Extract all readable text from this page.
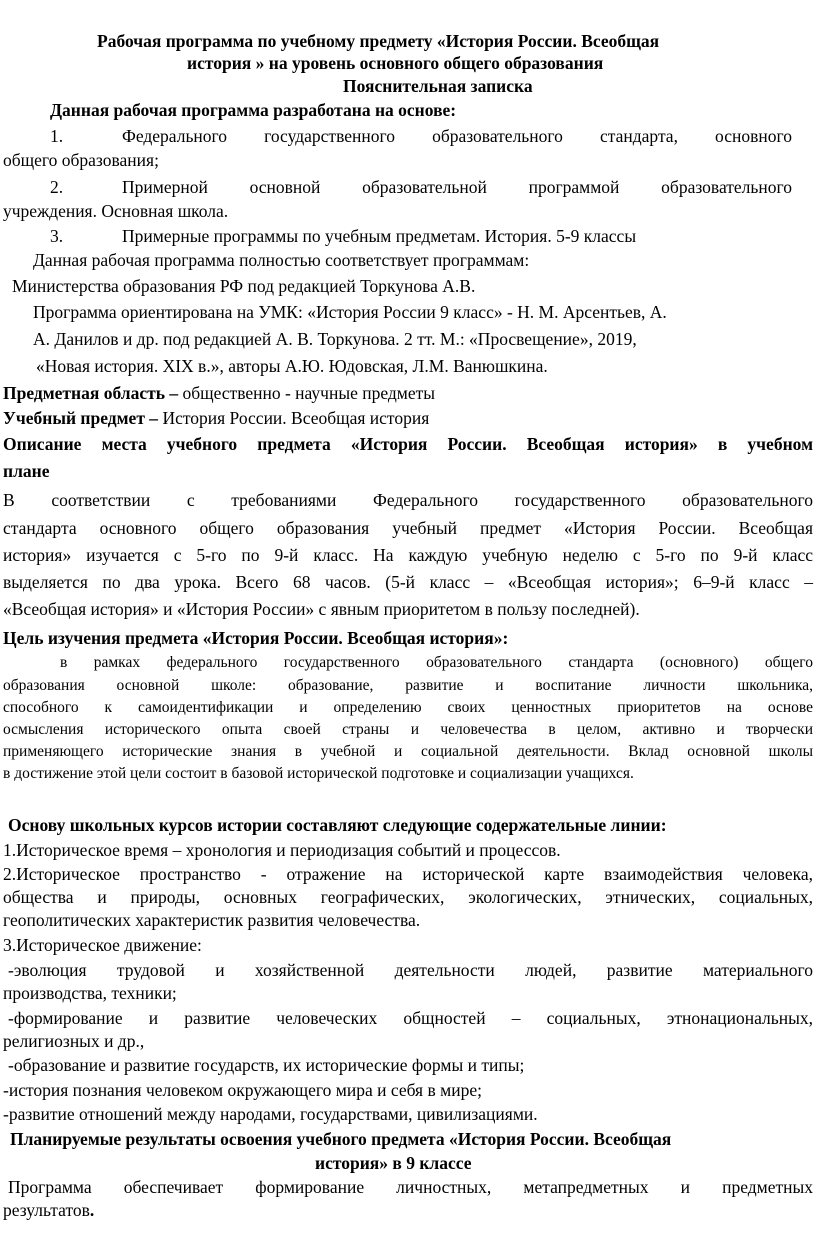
Рабочая программа по учебному предмету «История России. Всеобщая

история » на уровень основного общего образования

Пояснительная записка

Данная рабочая программа разработана на основе:

1.	Федерального государственного образовательного стандарта, основного

общего образования;

2.	Примерной основной образовательной программой образовательного

учреждения. Основная школа.

3.	Примерные программы по учебным предметам. История. 5-9 классы

Данная рабочая программа полностью соответствует программам:

Министерства образования РФ под редакцией Торкунова А.В.

Программа ориентирована на УМК: «История России 9 класс» - Н. М. Арсентьев, А.

А. Данилов и др. под редакцией А. В. Торкунова. 2 тт. М.: «Просвещение», 2019,

«Новая история. XIX в.», авторы А.Ю. Юдовская, Л.М. Ванюшкина.

Предметная область – общественно - научные предметы

Учебный предмет – История России. Всеобщая история

Описание места учебного предмета «История России. Всеобщая история» в учебном

плане

В соответствии с требованиями Федерального государственного образовательного

стандарта основного общего образования учебный предмет «История России. Всеобщая

история» изучается с 5-го по 9-й класс. На каждую учебную неделю с 5-го по 9-й класс

выделяется по два урока. Всего 68 часов. (5-й класс – «Всеобщая история»; 6–9-й класс –

«Всеобщая история» и «История России» с явным приоритетом в пользу последней).

Цель изучения предмета «История России. Всеобщая история»:

в рамках федерального государственного образовательного стандарта (основного) общего

образования основной школе: образование, развитие и воспитание личности школьника,

способного к самоидентификации и определению своих ценностных приоритетов на основе

осмысления исторического опыта своей страны и человечества в целом, активно и творчески

применяющего исторические знания в учебной и социальной деятельности. Вклад основной школы

в достижение этой цели состоит в базовой исторической подготовке и социализации учащихся.

Основу школьных курсов истории составляют следующие содержательные линии:

1.Историческое время – хронология и периодизация событий и процессов.

2.Историческое пространство - отражение на исторической карте взаимодействия человека,

общества и природы, основных географических, экологических, этнических, социальных,

геополитических характеристик развития человечества.

3.Историческое движение:

-эволюция трудовой и хозяйственной деятельности людей, развитие материального

производства, техники;

-формирование и развитие человеческих общностей – социальных, этнонациональных,

религиозных и др.,

-образование и развитие государств, их исторические формы и типы;

-история познания человеком окружающего мира и себя в мире;

-развитие отношений между народами, государствами, цивилизациями.

Планируемые результаты освоения учебного предмета «История России. Всеобщая

история» в 9 классе

Программа обеспечивает формирование личностных, метапредметных и предметных

результатов.
